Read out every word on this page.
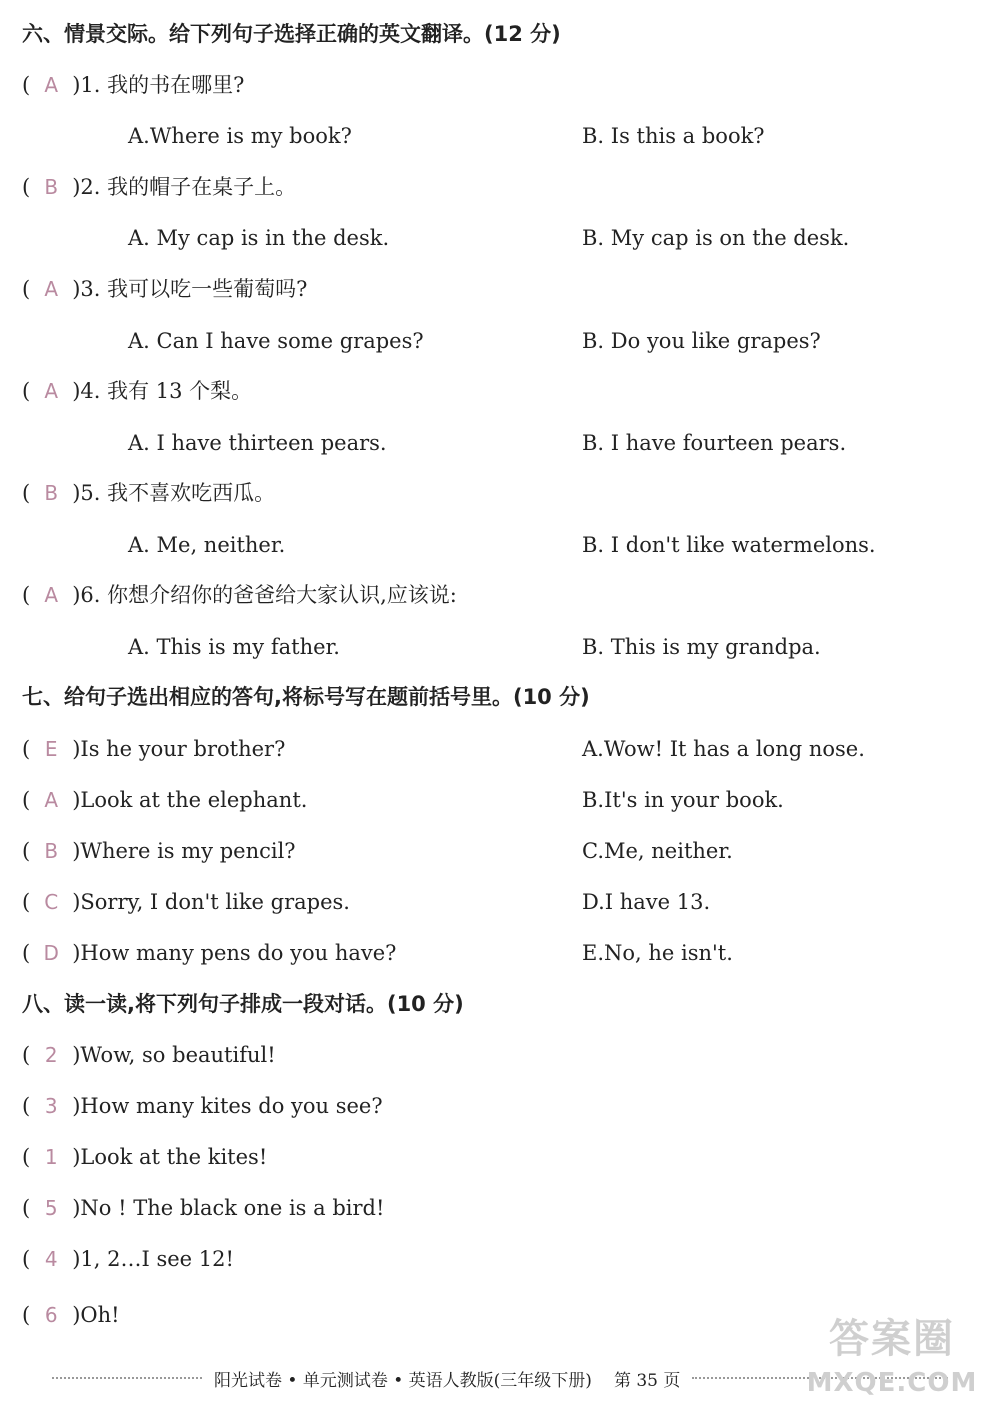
六、情景交际。给下列句子选择正确的英文翻译。(12 分)
( A )1. 我的书在哪里?
A.Where is my book?	B. Is this a book?
( B )2. 我的帽子在桌子上。
A. My cap is in the desk.	B. My cap is on the desk.
( A )3. 我可以吃一些葡萄吗?
A. Can I have some grapes?	B. Do you like grapes?
( A )4. 我有 13 个梨。
A. I have thirteen pears.	B. I have fourteen pears.
( B )5. 我不喜欢吃西瓜。
A. Me, neither.	B. I don't like watermelons.
( A )6. 你想介绍你的爸爸给大家认识,应该说:
A. This is my father.	B. This is my grandpa.
七、给句子选出相应的答句,将标号写在题前括号里。(10 分)
( E )Is he your brother?	A.Wow! It has a long nose.
( A )Look at the elephant.	B.It's in your book.
( B )Where is my pencil?	C.Me, neither.
( C )Sorry, I don't like grapes.	D.I have 13.
( D )How many pens do you have?	E.No, he isn't.
八、读一读,将下列句子排成一段对话。(10 分)
( 2 )Wow, so beautiful!
( 3 )How many kites do you see?
( 1 )Look at the kites!
( 5 )No ! The black one is a bird!
( 4 )1, 2…I see 12!
( 6 )Oh!
阳光试卷 • 单元测试卷 • 英语人教版(三年级下册) 第 35 页
答案圈
MXQE.COM
